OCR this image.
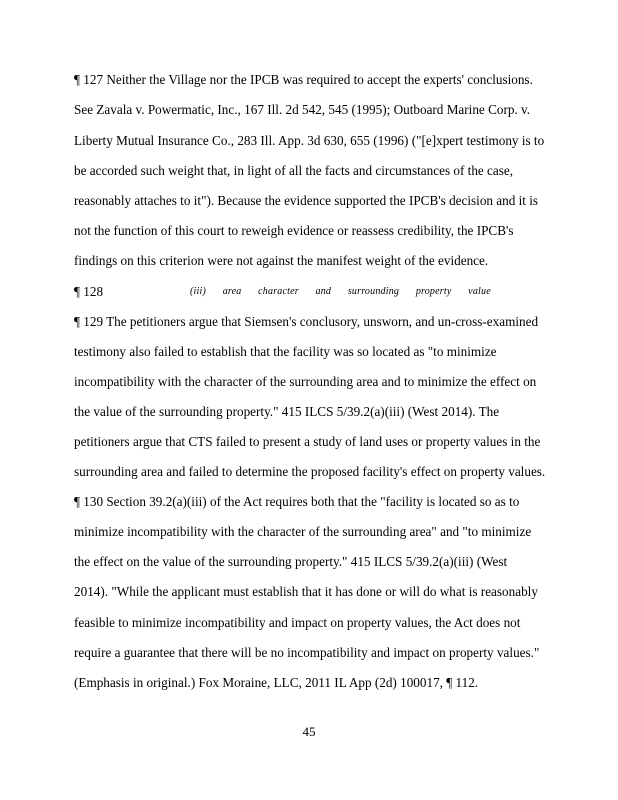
¶ 127 Neither the Village nor the IPCB was required to accept the experts' conclusions.
See Zavala v. Powermatic, Inc., 167 Ill. 2d 542, 545 (1995); Outboard Marine Corp. v.
Liberty Mutual Insurance Co., 283 Ill. App. 3d 630, 655 (1996) ("[e]xpert testimony is to
be accorded such weight that, in light of all the facts and circumstances of the case,
reasonably attaches to it"). Because the evidence supported the IPCB's decision and it is
not the function of this court to reweigh evidence or reassess credibility, the IPCB's
findings on this criterion were not against the manifest weight of the evidence.
¶ 128	(iii) area character and surrounding property value
¶ 129 The petitioners argue that Siemsen's conclusory, unsworn, and un-cross-examined
testimony also failed to establish that the facility was so located as "to minimize
incompatibility with the character of the surrounding area and to minimize the effect on
the value of the surrounding property." 415 ILCS 5/39.2(a)(iii) (West 2014). The
petitioners argue that CTS failed to present a study of land uses or property values in the
surrounding area and failed to determine the proposed facility's effect on property values.
¶ 130 Section 39.2(a)(iii) of the Act requires both that the "facility is located so as to
minimize incompatibility with the character of the surrounding area" and "to minimize
the effect on the value of the surrounding property." 415 ILCS 5/39.2(a)(iii) (West
2014). "While the applicant must establish that it has done or will do what is reasonably
feasible to minimize incompatibility and impact on property values, the Act does not
require a guarantee that there will be no incompatibility and impact on property values."
(Emphasis in original.) Fox Moraine, LLC, 2011 IL App (2d) 100017, ¶ 112.
45
